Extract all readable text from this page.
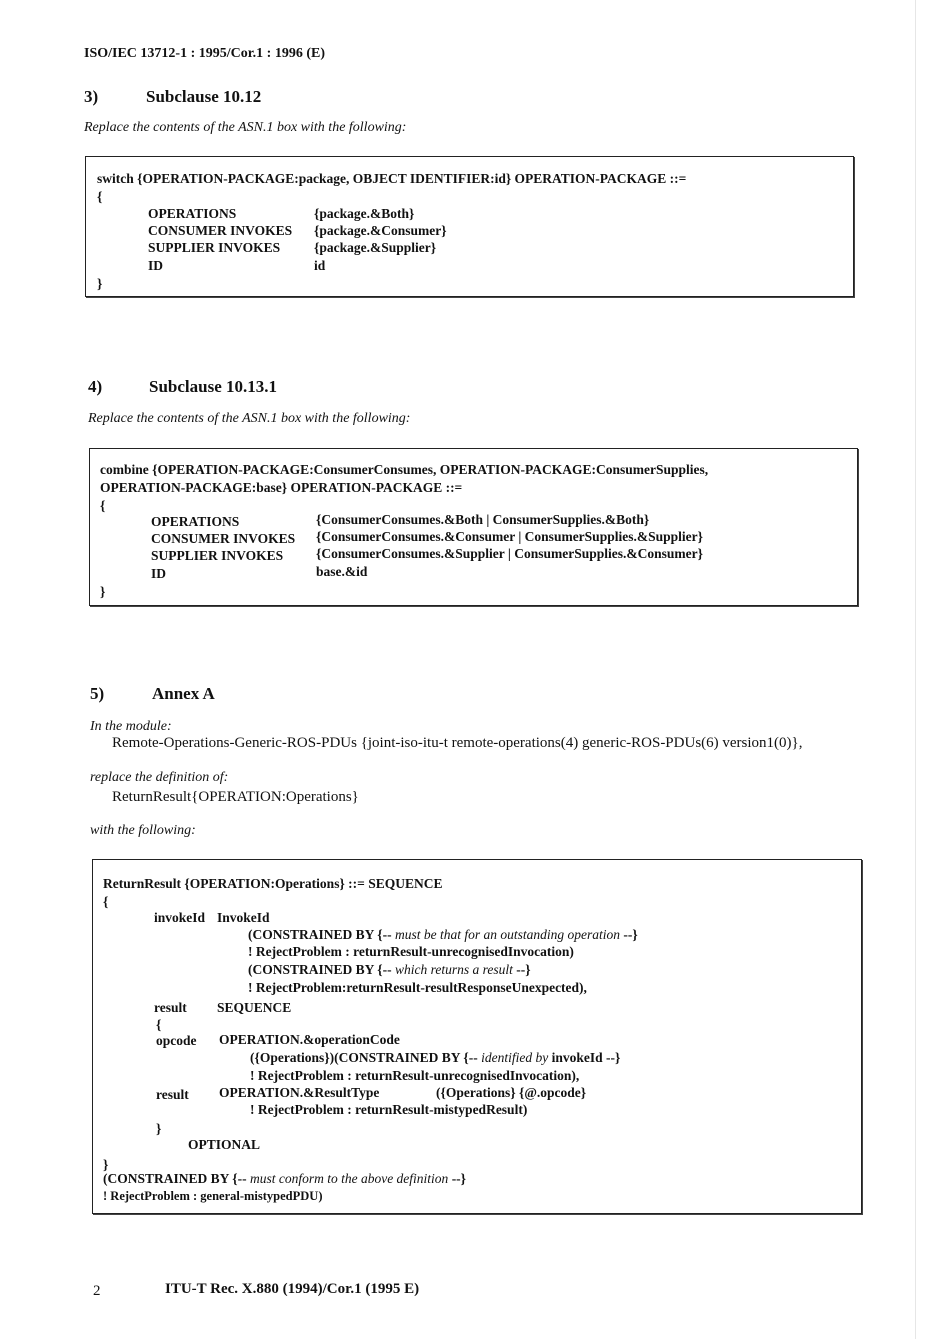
ISO/IEC 13712-1 : 1995/Cor.1 : 1996 (E)
3)	Subclause 10.12
Replace the contents of the ASN.1 box with the following:
switch {OPERATION-PACKAGE:package, OBJECT IDENTIFIER:id} OPERATION-PACKAGE ::=
{
OPERATIONS	{package.&Both}
CONSUMER INVOKES {package.&Consumer}
SUPPLIER INVOKES	{package.&Supplier}
ID	id
}
4)	Subclause 10.13.1
Replace the contents of the ASN.1 box with the following:
combine {OPERATION-PACKAGE:ConsumerConsumes, OPERATION-PACKAGE:ConsumerSupplies,
OPERATION-PACKAGE:base} OPERATION-PACKAGE ::=
{
OPERATIONS	{ConsumerConsumes.&Both | ConsumerSupplies.&Both}
CONSUMER INVOKES {ConsumerConsumes.&Consumer | ConsumerSupplies.&Supplier}
SUPPLIER INVOKES {ConsumerConsumes.&Supplier | ConsumerSupplies.&Consumer}
ID	base.&id
}
5)	Annex A
In the module:
Remote-Operations-Generic-ROS-PDUs {joint-iso-itu-t remote-operations(4) generic-ROS-PDUs(6) version1(0)},
replace the definition of:
ReturnResult{OPERATION:Operations}
with the following:
ReturnResult {OPERATION:Operations} ::= SEQUENCE
{
invokeId InvokeId
(CONSTRAINED BY {-- must be that for an outstanding operation --}
! RejectProblem : returnResult-unrecognisedInvocation)
(CONSTRAINED BY {-- which returns a result --}
! RejectProblem:returnResult-resultResponseUnexpected),
result SEQUENCE
{
opcode OPERATION.&operationCode
({Operations})(CONSTRAINED BY {-- identified by invokeId --}
! RejectProblem : returnResult-unrecognisedInvocation),
result OPERATION.&ResultType	({Operations} {@.opcode}
! RejectProblem : returnResult-mistypedResult)
}
OPTIONAL
}
(CONSTRAINED BY {-- must conform to the above definition --}
! RejectProblem : general-mistypedPDU)
2	ITU-T Rec. X.880 (1994)/Cor.1 (1995 E)
